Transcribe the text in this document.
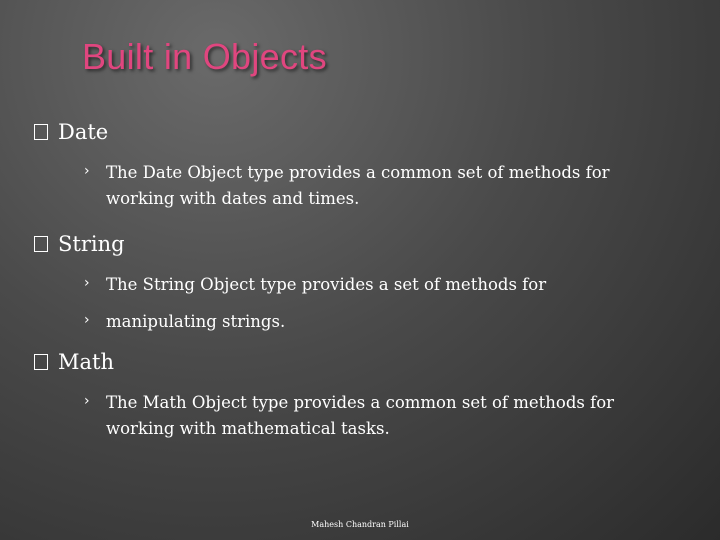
Built in Objects
Date
› The Date Object type provides a common set of methods for working with dates and times.
String
› The String Object type provides a set of methods for
› manipulating strings.
Math
› The Math Object type provides a common set of methods for working with mathematical tasks.
Mahesh Chandran Pillai
